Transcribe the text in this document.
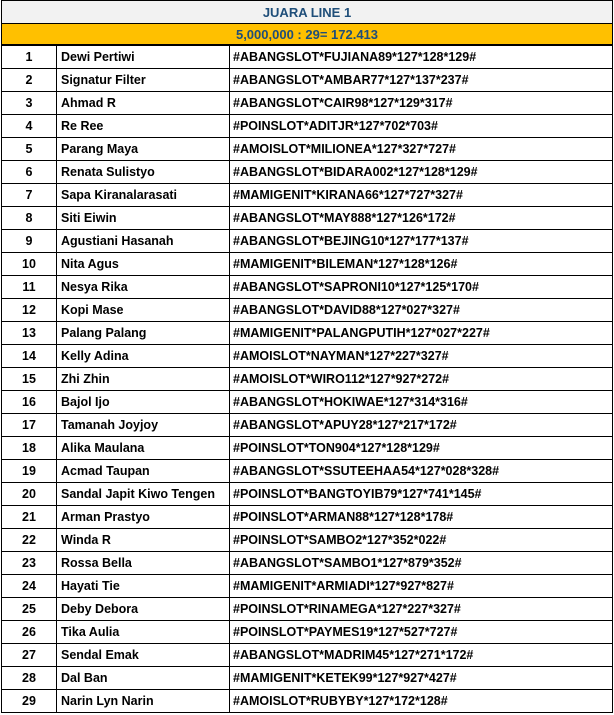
JUARA LINE 1
5,000,000 : 29= 172.413
1	Dewi Pertiwi	#ABANGSLOT*FUJIANA89*127*128*129#
2	Signatur Filter	#ABANGSLOT*AMBAR77*127*137*237#
3	Ahmad R	#ABANGSLOT*CAIR98*127*129*317#
4	Re Ree	#POINSLOT*ADITJR*127*702*703#
5	Parang Maya	#AMOISLOT*MILIONEA*127*327*727#
6	Renata Sulistyo	#ABANGSLOT*BIDARA002*127*128*129#
7	Sapa Kiranalarasati	#MAMIGENIT*KIRANA66*127*727*327#
8	Siti Eiwin	#ABANGSLOT*MAY888*127*126*172#
9	Agustiani Hasanah	#ABANGSLOT*BEJING10*127*177*137#
10	Nita Agus	#MAMIGENIT*BILEMAN*127*128*126#
11	Nesya Rika	#ABANGSLOT*SAPRONI10*127*125*170#
12	Kopi Mase	#ABANGSLOT*DAVID88*127*027*327#
13	Palang Palang	#MAMIGENIT*PALANGPUTIH*127*027*227#
14	Kelly Adina	#AMOISLOT*NAYMAN*127*227*327#
15	Zhi Zhin	#AMOISLOT*WIRO112*127*927*272#
16	Bajol Ijo	#ABANGSLOT*HOKIWAE*127*314*316#
17	Tamanah Joyjoy	#ABANGSLOT*APUY28*127*217*172#
18	Alika Maulana	#POINSLOT*TON904*127*128*129#
19	Acmad Taupan	#ABANGSLOT*SSUTEEHAA54*127*028*328#
20	Sandal Japit Kiwo Tengen	#POINSLOT*BANGTOYIB79*127*741*145#
21	Arman Prastyo	#POINSLOT*ARMAN88*127*128*178#
22	Winda R	#POINSLOT*SAMBO2*127*352*022#
23	Rossa Bella	#ABANGSLOT*SAMBO1*127*879*352#
24	Hayati Tie	#MAMIGENIT*ARMIADI*127*927*827#
25	Deby Debora	#POINSLOT*RINAMEGA*127*227*327#
26	Tika Aulia	#POINSLOT*PAYMES19*127*527*727#
27	Sendal Emak	#ABANGSLOT*MADRIM45*127*271*172#
28	Dal Ban	#MAMIGENIT*KETEK99*127*927*427#
29	Narin Lyn Narin	#AMOISLOT*RUBYBY*127*172*128#
